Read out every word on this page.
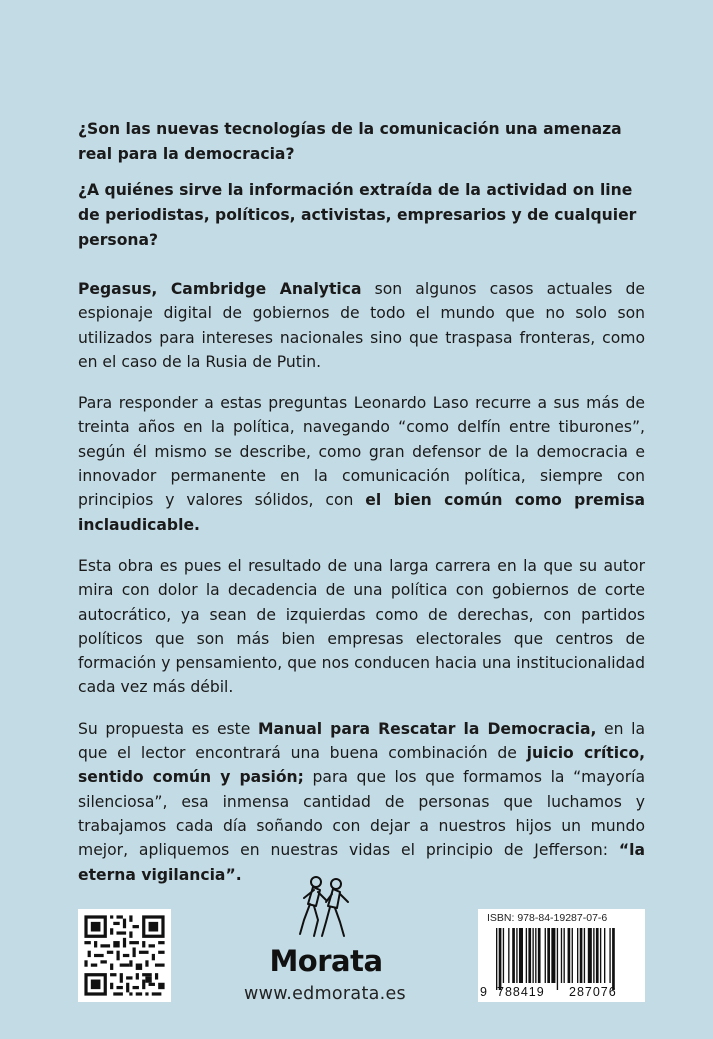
¿Son las nuevas tecnologías de la comunicación una amenaza real para la democracia?

¿A quiénes sirve la información extraída de la actividad on line de periodistas, políticos, activistas, empresarios y de cualquier persona?

Pegasus, Cambridge Analytica son algunos casos actuales de espionaje digital de gobiernos de todo el mundo que no solo son utilizados para intereses nacionales sino que traspasa fronteras, como en el caso de la Rusia de Putin.

Para responder a estas preguntas Leonardo Laso recurre a sus más de treinta años en la política, navegando “como delfín entre tiburones”, según él mismo se describe, como gran defensor de la democracia e innovador permanente en la comunicación política, siempre con principios y valores sólidos, con el bien común como premisa inclaudicable.

Esta obra es pues el resultado de una larga carrera en la que su autor mira con dolor la decadencia de una política con gobiernos de corte autocrático, ya sean de izquierdas como de derechas, con partidos políticos que son más bien empresas electorales que centros de formación y pensamiento, que nos conducen hacia una institucionalidad cada vez más débil.

Su propuesta es este Manual para Rescatar la Democracia, en la que el lector encontrará una buena combinación de juicio crítico, sentido común y pasión; para que los que formamos la “mayoría silenciosa”, esa inmensa cantidad de personas que luchamos y trabajamos cada día soñando con dejar a nuestros hijos un mundo mejor, apliquemos en nuestras vidas el principio de Jefferson: “la eterna vigilancia”.

Morata
www.edmorata.es
ISBN: 978-84-19287-07-6
9 788419 287076
